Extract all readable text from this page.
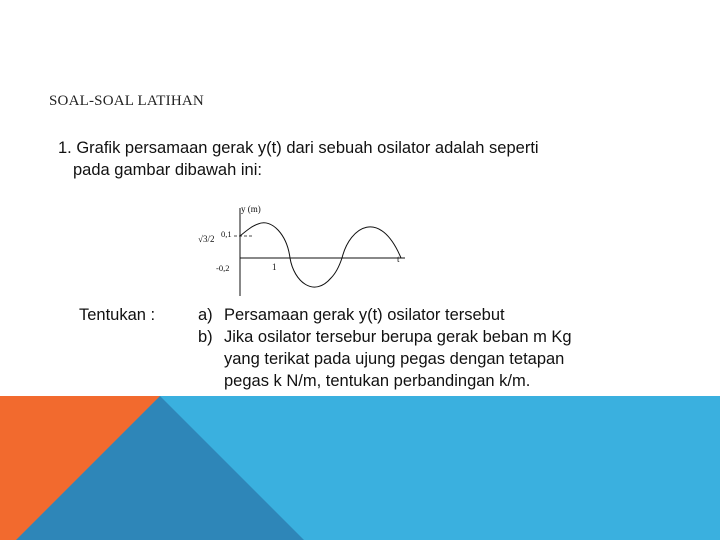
SOAL-SOAL LATIHAN
1. Grafik persamaan gerak y(t) dari sebuah osilator adalah seperti
pada gambar dibawah ini:
y (m)
√3/2 0,1
-0,2	1
t
Tentukan :	a) Persamaan gerak y(t) osilator tersebut
b) Jika osilator tersebur berupa gerak beban m Kg
yang terikat pada ujung pegas dengan tetapan
pegas k N/m, tentukan perbandingan k/m.
